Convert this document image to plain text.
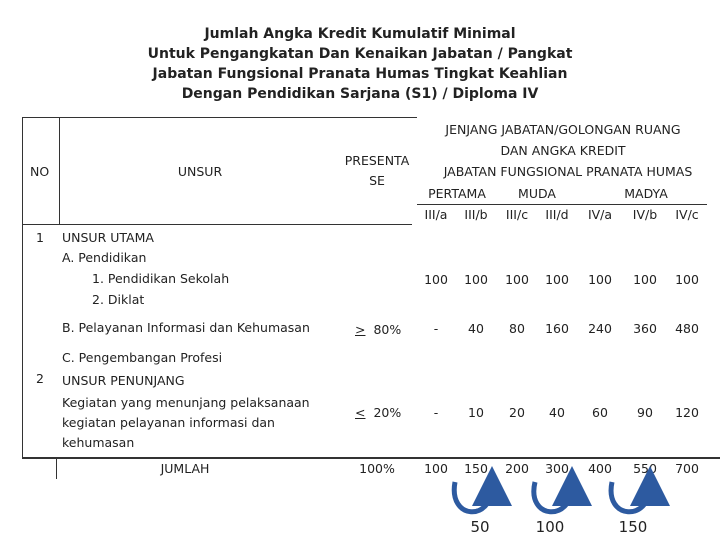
Jumlah Angka Kredit Kumulatif Minimal
Untuk Pengangkatan Dan Kenaikan Jabatan / Pangkat
Jabatan Fungsional Pranata Humas Tingkat Keahlian
Dengan Pendidikan Sarjana (S1) / Diploma IV
NO	UNSUR
PRESENTA
SE
JENJANG JABATAN/GOLONGAN RUANG
DAN ANGKA KREDIT
JABATAN FUNGSIONAL PRANATA HUMAS
PERTAMA	MUDA	MADYA
III/a	III/b	III/c	III/d	IV/a	IV/b	IV/c
1 UNSUR UTAMA
A. Pendidikan
1. Pendidikan Sekolah
2. Diklat
100	100	100	100	100	100	100
B. Pelayanan Informasi dan Kehumasan	> 80%	-	40	80	160	240	360	480
C. Pengembangan Profesi
2 UNSUR PENUNJANG
Kegiatan yang menunjang pelaksanaan
kegiatan pelayanan informasi dan
kehumasan
< 20%	-	10	20	40	60	90	120
JUMLAH	100%	100	150	200	300	400	550	700
50	100	150
